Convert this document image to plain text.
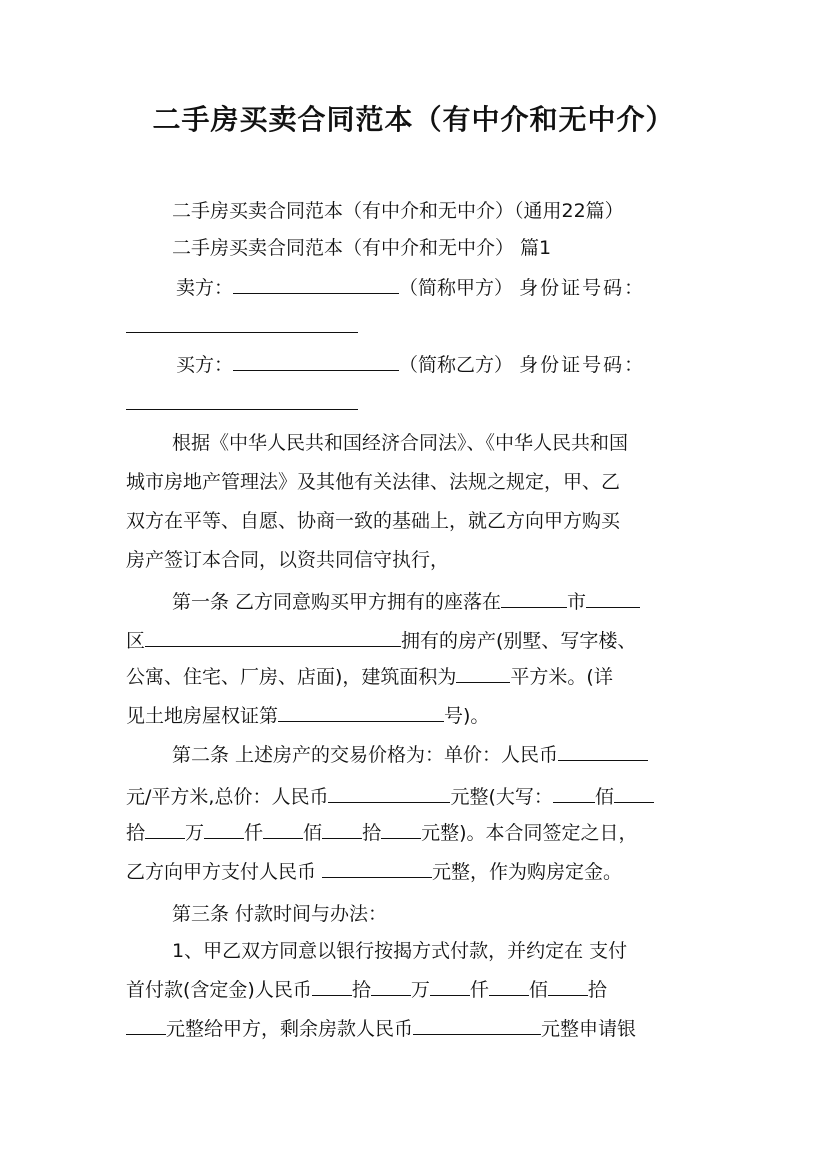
二手房买卖合同范本（有中介和无中介）
二手房买卖合同范本（有中介和无中介）（通用22篇）
二手房买卖合同范本（有中介和无中介） 篇1
卖方：	（简称甲方） 身份证号码：
买方：	（简称乙方） 身份证号码：
根据《中华人民共和国经济合同法》、《中华人民共和国
城市房地产管理法》及其他有关法律、法规之规定，甲、乙
双方在平等、自愿、协商一致的基础上，就乙方向甲方购买
房产签订本合同，以资共同信守执行，
第一条 乙方同意购买甲方拥有的座落在	市
区	拥有的房产(别墅、写字楼、
公寓、住宅、厂房、店面)，建筑面积为	平方米。(详
见土地房屋权证第	号)。
第二条 上述房产的交易价格为：单价：人民币
元/平方米,总价：人民币	元整(大写： 佰
拾 万 仟 佰 拾 元整)。本合同签定之日，
乙方向甲方支付人民币	元整，作为购房定金。
第三条 付款时间与办法：
1、甲乙双方同意以银行按揭方式付款，并约定在 支付
首付款(含定金)人民币 拾 万 仟 佰 拾
元整给甲方，剩余房款人民币	元整申请银
